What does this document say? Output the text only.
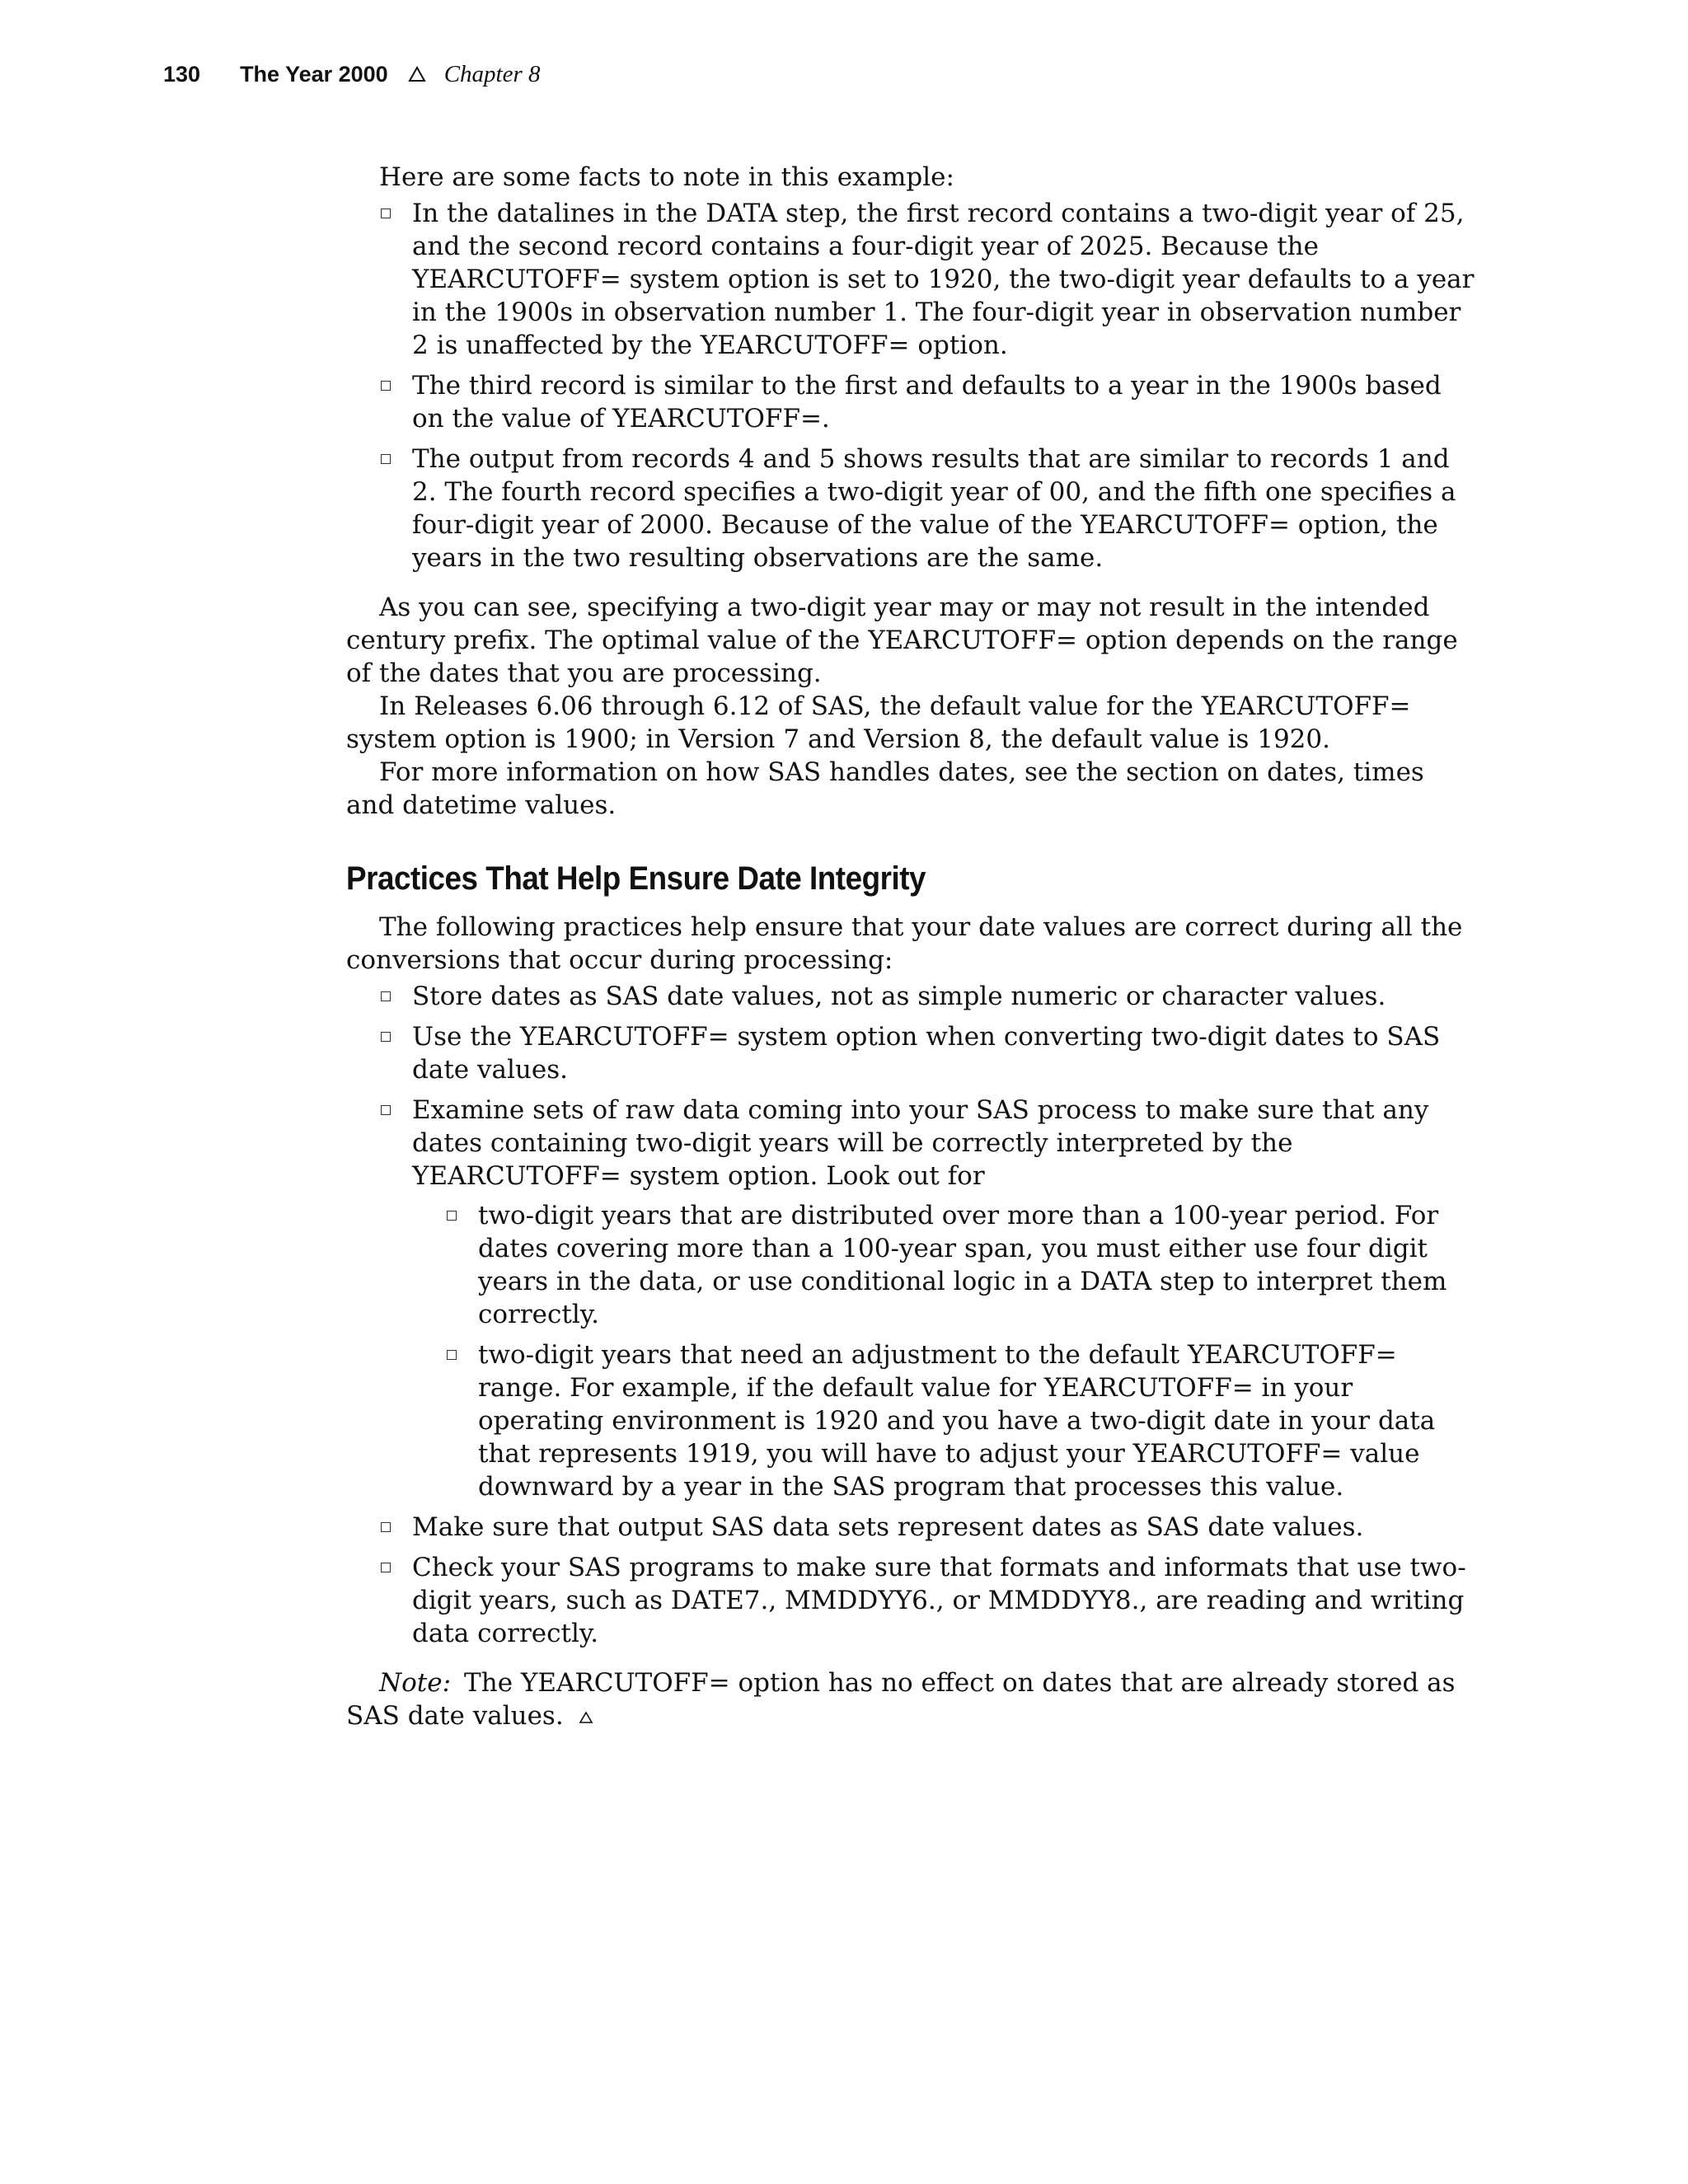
130 The Year 2000 Chapter 8

Here are some facts to note in this example:

In the datalines in the DATA step, the first record contains a two-digit year of 25, and the second record contains a four-digit year of 2025. Because the YEARCUTOFF= system option is set to 1920, the two-digit year defaults to a year in the 1900s in observation number 1. The four-digit year in observation number 2 is unaffected by the YEARCUTOFF= option.
The third record is similar to the first and defaults to a year in the 1900s based on the value of YEARCUTOFF=.
The output from records 4 and 5 shows results that are similar to records 1 and 2. The fourth record specifies a two-digit year of 00, and the fifth one specifies a four-digit year of 2000. Because of the value of the YEARCUTOFF= option, the years in the two resulting observations are the same.

As you can see, specifying a two-digit year may or may not result in the intended century prefix. The optimal value of the YEARCUTOFF= option depends on the range of the dates that you are processing.

In Releases 6.06 through 6.12 of SAS, the default value for the YEARCUTOFF= system option is 1900; in Version 7 and Version 8, the default value is 1920.

For more information on how SAS handles dates, see the section on dates, times and datetime values.

Practices That Help Ensure Date Integrity

The following practices help ensure that your date values are correct during all the conversions that occur during processing:

Store dates as SAS date values, not as simple numeric or character values.
Use the YEARCUTOFF= system option when converting two-digit dates to SAS date values.
Examine sets of raw data coming into your SAS process to make sure that any dates containing two-digit years will be correctly interpreted by the YEARCUTOFF= system option. Look out for
two-digit years that are distributed over more than a 100-year period. For dates covering more than a 100-year span, you must either use four digit years in the data, or use conditional logic in a DATA step to interpret them correctly.
two-digit years that need an adjustment to the default YEARCUTOFF= range. For example, if the default value for YEARCUTOFF= in your operating environment is 1920 and you have a two-digit date in your data that represents 1919, you will have to adjust your YEARCUTOFF= value downward by a year in the SAS program that processes this value.
Make sure that output SAS data sets represent dates as SAS date values.
Check your SAS programs to make sure that formats and informats that use two-digit years, such as DATE7., MMDDYY6., or MMDDYY8., are reading and writing data correctly.

Note: The YEARCUTOFF= option has no effect on dates that are already stored as SAS date values.
